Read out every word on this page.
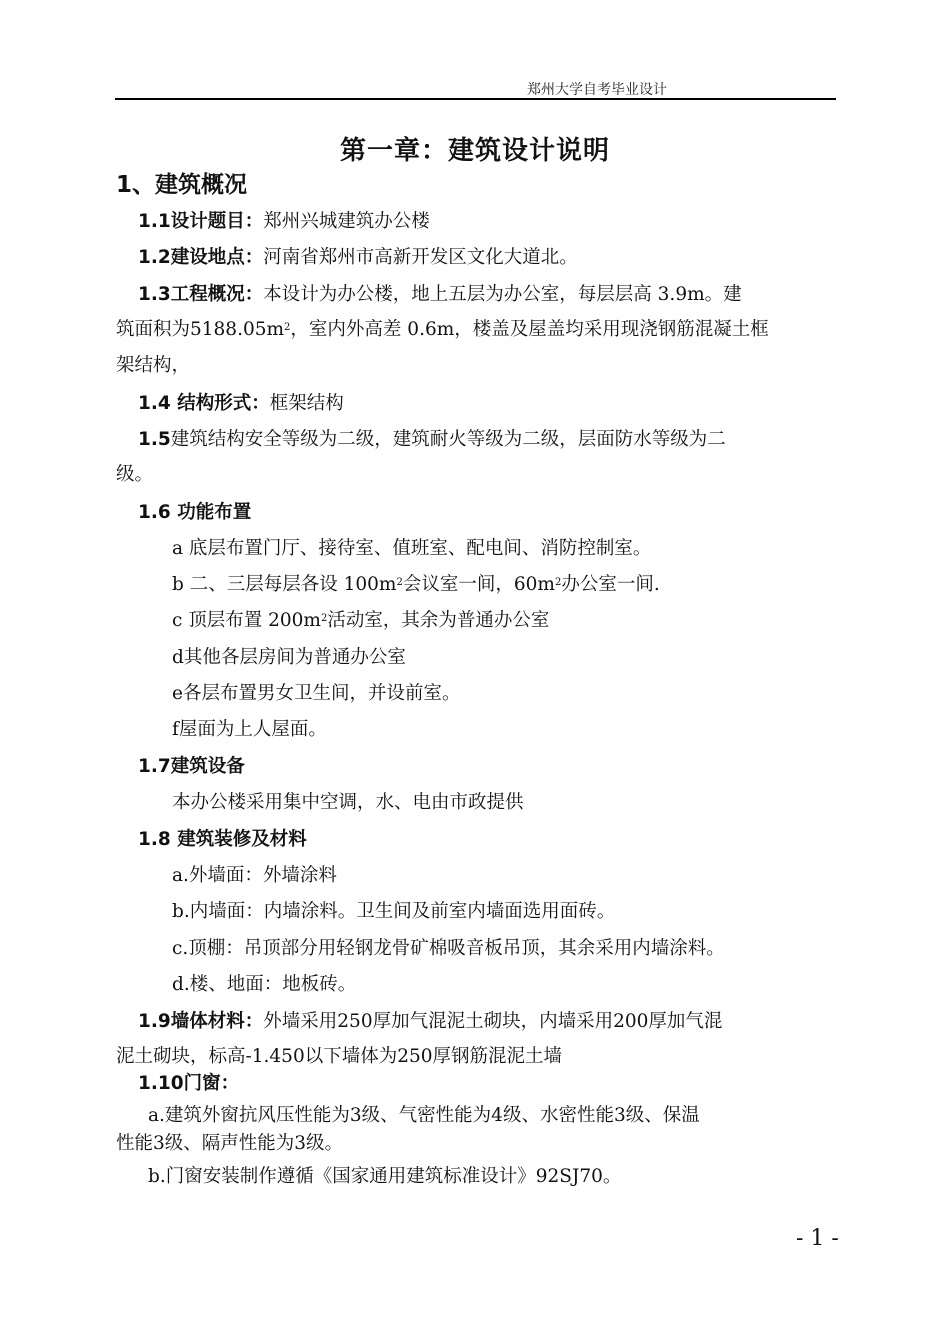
郑州大学自考毕业设计
第一章：建筑设计说明
1、建筑概况
1.1设计题目：郑州兴城建筑办公楼
1.2建设地点：河南省郑州市高新开发区文化大道北。
1.3工程概况：本设计为办公楼，地上五层为办公室，每层层高 3.9m。建
筑面积为$5188.05m^2$，室内外高差 0.6m，楼盖及屋盖均采用现浇钢筋混凝土框
架结构，
1.4 结构形式：框架结构
1.5建筑结构安全等级为二级，建筑耐火等级为二级，层面防水等级为二
级。
1.6 功能布置
a 底层布置门厅、接待室、值班室、配电间、消防控制室。
b 二、三层每层各设 $100m^2$会议室一间，$60m^2$办公室一间.
c 顶层布置 $200m^2$活动室，其余为普通办公室
d其他各层房间为普通办公室
e各层布置男女卫生间，并设前室。
f屋面为上人屋面。
1.7建筑设备
本办公楼采用集中空调，水、电由市政提供
1.8 建筑装修及材料
a.外墙面：外墙涂料
b.内墙面：内墙涂料。卫生间及前室内墙面选用面砖。
c.顶棚：吊顶部分用轻钢龙骨矿棉吸音板吊顶，其余采用内墙涂料。
d.楼、地面：地板砖。
1.9墙体材料：外墙采用250厚加气混泥土砌块，内墙采用200厚加气混
泥土砌块，标高-1.450以下墙体为250厚钢筋混泥土墙
1.10门窗：
a.建筑外窗抗风压性能为3级、气密性能为4级、水密性能3级、保温
性能3级、隔声性能为3级。
b.门窗安装制作遵循《国家通用建筑标准设计》92SJ70。
- 1 -
